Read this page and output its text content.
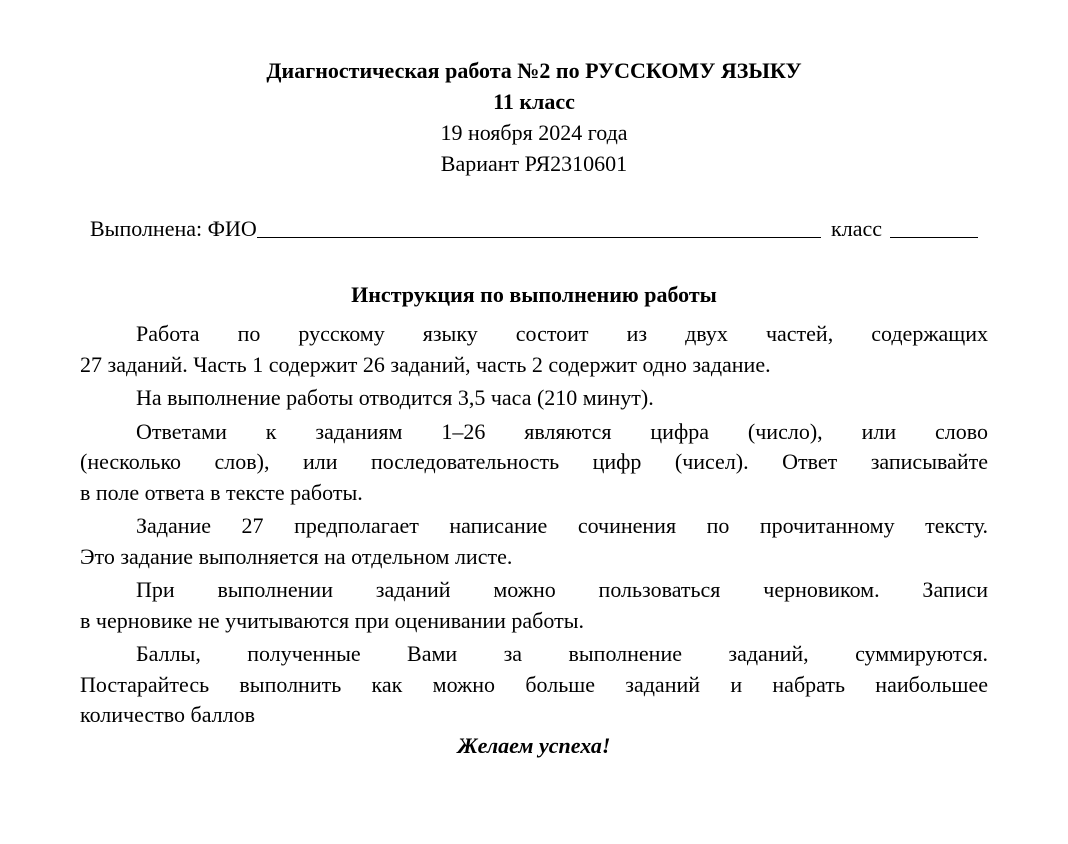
Диагностическая работа №2 по РУССКОМУ ЯЗЫКУ
11 класс
19 ноября 2024 года
Вариант РЯ2310601
Выполнена: ФИО	класс
Инструкция по выполнению работы
Работа по русскому языку состоит из двух частей, содержащих
27 заданий. Часть 1 содержит 26 заданий, часть 2 содержит одно задание.
На выполнение работы отводится 3,5 часа (210 минут).
Ответами к заданиям 1–26 являются цифра (число), или слово
(несколько слов), или последовательность цифр (чисел). Ответ записывайте
в поле ответа в тексте работы.
Задание 27 предполагает написание сочинения по прочитанному тексту.
Это задание выполняется на отдельном листе.
При выполнении заданий можно пользоваться черновиком. Записи
в черновике не учитываются при оценивании работы.
Баллы, полученные Вами за выполнение заданий, суммируются.
Постарайтесь выполнить как можно больше заданий и набрать наибольшее
количество баллов
Желаем успеха!
